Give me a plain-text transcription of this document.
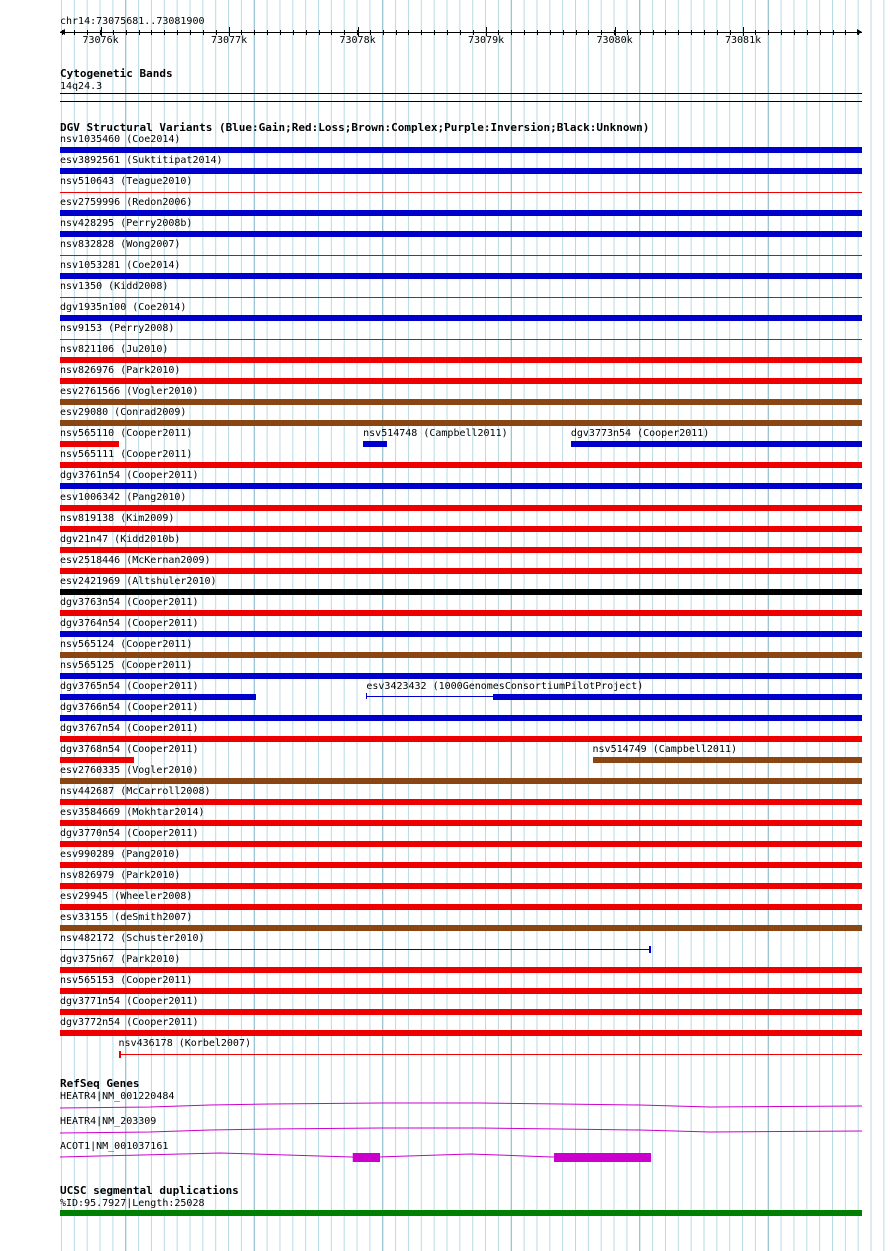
chr14:73075681..73081900
73076k	73077k	73078k	73079k	73080k	73081k
Cytogenetic Bands
14q24.3
DGV Structural Variants (Blue:Gain;Red:Loss;Brown:Complex;Purple:Inversion;Black:Unknown)
nsv1035460 (Coe2014)
esv3892561 (Suktitipat2014)
nsv510643 (Teague2010)
esv2759996 (Redon2006)
nsv428295 (Perry2008b)
nsv832828 (Wong2007)
nsv1053281 (Coe2014)
nsv1350 (Kidd2008)
dgv1935n100 (Coe2014)
nsv9153 (Perry2008)
nsv821106 (Ju2010)
nsv826976 (Park2010)
esv2761566 (Vogler2010)
esv29080 (Conrad2009)
nsv565110 (Cooper2011)	nsv514748 (Campbell2011)	dgv3773n54 (Cooper2011)
nsv565111 (Cooper2011)
dgv3761n54 (Cooper2011)
esv1006342 (Pang2010)
nsv819138 (Kim2009)
dgv21n47 (Kidd2010b)
esv2518446 (McKernan2009)
esv2421969 (Altshuler2010)
dgv3763n54 (Cooper2011)
dgv3764n54 (Cooper2011)
nsv565124 (Cooper2011)
nsv565125 (Cooper2011)
dgv3765n54 (Cooper2011)	esv3423432 (1000GenomesConsortiumPilotProject)
dgv3766n54 (Cooper2011)
dgv3767n54 (Cooper2011)
dgv3768n54 (Cooper2011)	nsv514749 (Campbell2011)
esv2760335 (Vogler2010)
nsv442687 (McCarroll2008)
esv3584669 (Mokhtar2014)
dgv3770n54 (Cooper2011)
esv990289 (Pang2010)
nsv826979 (Park2010)
esv29945 (Wheeler2008)
esv33155 (deSmith2007)
nsv482172 (Schuster2010)
dgv375n67 (Park2010)
nsv565153 (Cooper2011)
dgv3771n54 (Cooper2011)
dgv3772n54 (Cooper2011)
nsv436178 (Korbel2007)
RefSeq Genes
HEATR4|NM_001220484
HEATR4|NM_203309
ACOT1|NM_001037161
UCSC segmental duplications
%ID:95.7927|Length:25028
